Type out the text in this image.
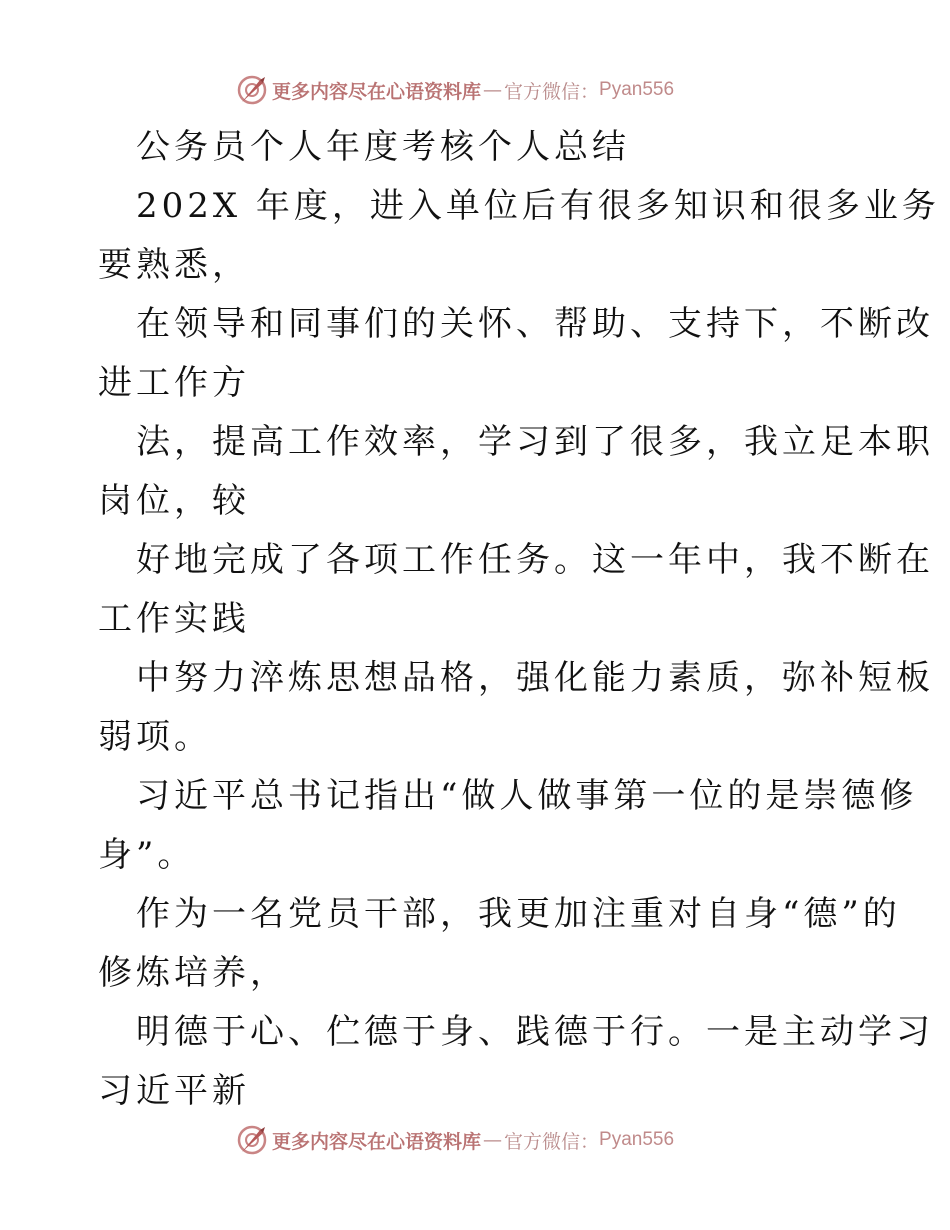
更多内容尽在心语资料库 — 官方微信： Pyan556

公务员个人年度考核个人总结

202X 年度，进入单位后有很多知识和很多业务

要熟悉，

在领导和同事们的关怀、帮助、支持下，不断改

进工作方

法，提高工作效率，学习到了很多，我立足本职

岗位，较

好地完成了各项工作任务。这一年中，我不断在

工作实践

中努力淬炼思想品格，强化能力素质，弥补短板

弱项。

习近平总书记指出“做人做事第一位的是崇德修

身”。

作为一名党员干部，我更加注重对自身“德”的

修炼培养，

明德于心、伫德于身、践德于行。一是主动学习

习近平新

更多内容尽在心语资料库 — 官方微信： Pyan556
